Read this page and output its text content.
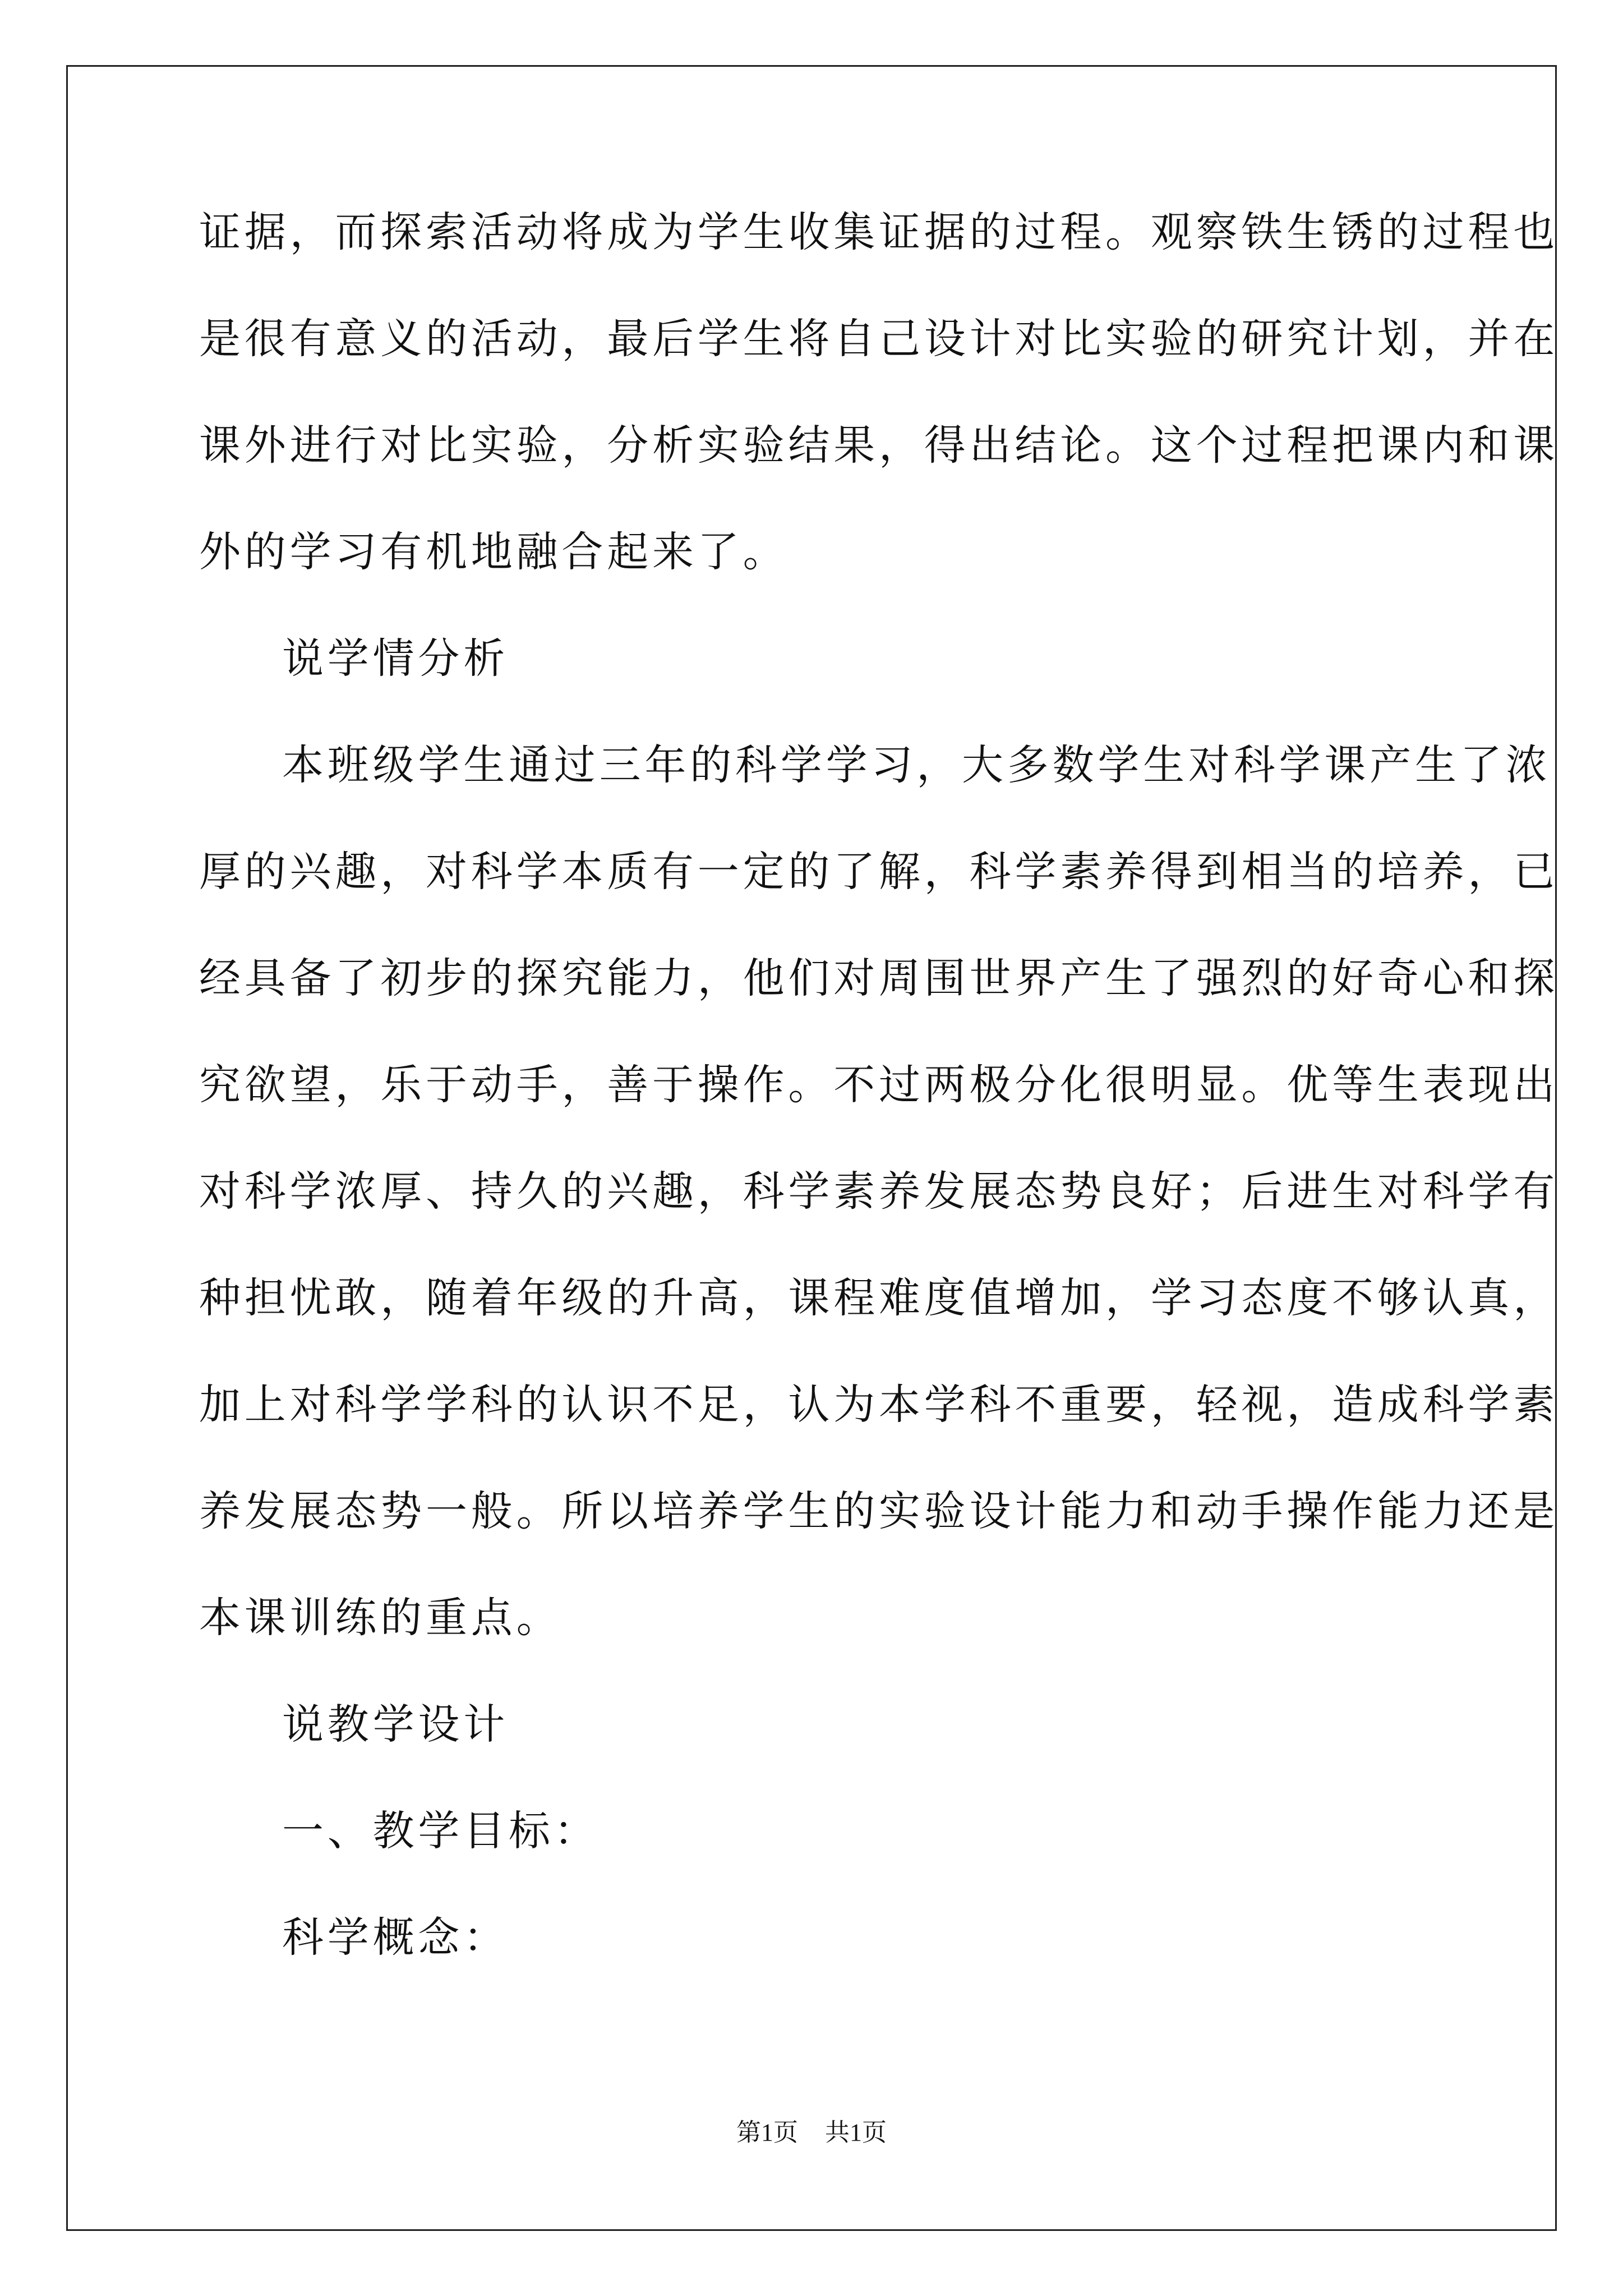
证据，而探索活动将成为学生收集证据的过程。观察铁生锈的过程也
是很有意义的活动，最后学生将自己设计对比实验的研究计划，并在
课外进行对比实验，分析实验结果，得出结论。这个过程把课内和课
外的学习有机地融合起来了。
说学情分析
本班级学生通过三年的科学学习，大多数学生对科学课产生了浓
厚的兴趣，对科学本质有一定的了解，科学素养得到相当的培养，已
经具备了初步的探究能力，他们对周围世界产生了强烈的好奇心和探
究欲望，乐于动手，善于操作。不过两极分化很明显。优等生表现出
对科学浓厚、持久的兴趣，科学素养发展态势良好；后进生对科学有
种担忧敢，随着年级的升高，课程难度值增加，学习态度不够认真，
加上对科学学科的认识不足，认为本学科不重要，轻视，造成科学素
养发展态势一般。所以培养学生的实验设计能力和动手操作能力还是
本课训练的重点。
说教学设计
一、教学目标：
科学概念：
第1页 共1页
